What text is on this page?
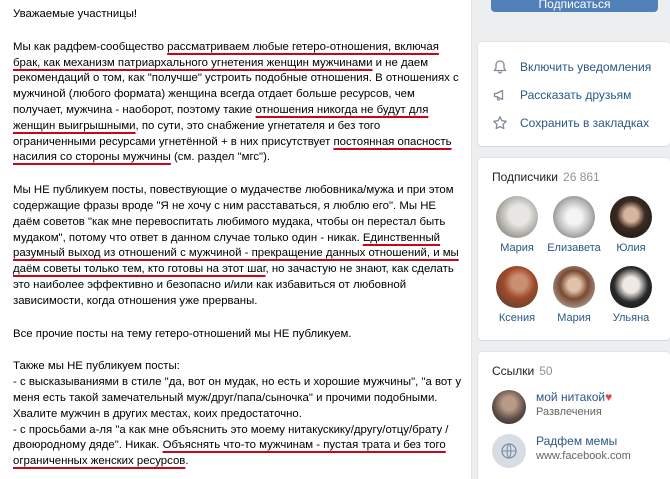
Уважаемые участницы!

Мы как радфем-сообщество рассматриваем любые гетеро-отношения, включая брак, как механизм патриархального угнетения женщин мужчинами и не даем рекомендаций о том, как "получше" устроить подобные отношения. В отношениях с мужчиной (любого формата) женщина всегда отдает больше ресурсов, чем получает, мужчина - наоборот, поэтому такие отношения никогда не будут для женщин выигрышными, по сути, это снабжение угнетателя и без того ограниченными ресурсами угнетённой + в них присутствует постоянная опасность насилия со стороны мужчины (см. раздел "мгс").

Мы НЕ публикуем посты, повествующие о мудачестве любовника/мужа и при этом содержащие фразы вроде "Я не хочу с ним расставаться, я люблю его". Мы НЕ даём советов "как мне перевоспитать любимого мудака, чтобы он перестал быть мудаком", потому что ответ в данном случае только один - никак. Единственный разумный выход из отношений с мужчиной - прекращение данных отношений, и мы даём советы только тем, кто готовы на этот шаг, но зачастую не знают, как сделать это наиболее эффективно и безопасно и/или как избавиться от любовной зависимости, когда отношения уже прерваны.

Все прочие посты на тему гетеро-отношений мы НЕ публикуем.

Также мы НЕ публикуем посты:
- с высказываниями в стиле "да, вот он мудак, но есть и хорошие мужчины", "а вот у меня есть такой замечательный муж/друг/папа/сыночка" и прочими подобными. Хвалите мужчин в других местах, коих предостаточно.
- с просьбами а-ля "а как мне объяснить это моему нитакускику/другу/отцу/брату /двоюродному дяде". Никак. Объяснять что-то мужчинам - пустая трата и без того ограниченных женских ресурсов.

Подписаться
Включить уведомления
Рассказать друзьям
Сохранить в закладках
Подписчики 26 861
Мария	Елизавета	Юлия
Ксения	Мария	Ульяна
Ссылки 50
мой нитакой♥
Развлечения
Радфем мемы
www.facebook.com
